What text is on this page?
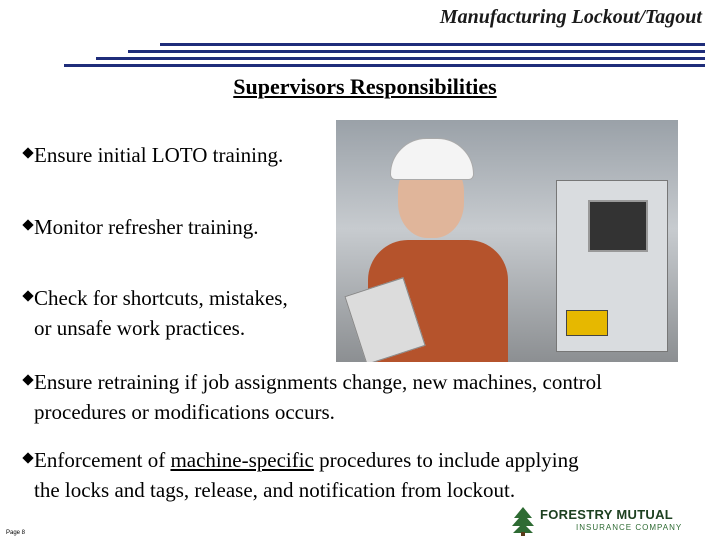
Manufacturing Lockout/Tagout
Supervisors Responsibilities
Ensure initial LOTO training.
Monitor refresher training.
Check for shortcuts, mistakes,
or unsafe work practices.
Ensure retraining if job assignments change, new machines, control
procedures or modifications occurs.
Enforcement of machine-specific procedures to include applying
the locks and tags, release, and notification from lockout.
Page 8
FORESTRY MUTUAL
INSURANCE COMPANY
